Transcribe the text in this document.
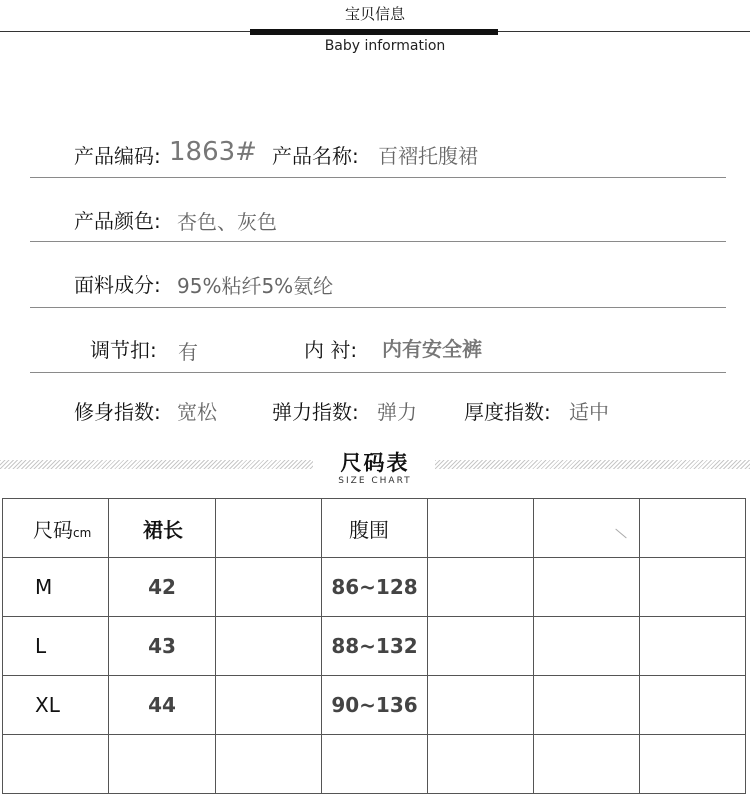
宝贝信息
Baby information
产品编码: 1863# 产品名称: 百褶托腹裙
产品颜色: 杏色、灰色
面料成分: 95%粘纤5%氨纶
调节扣: 有	内 衬: 内有安全裤
修身指数: 宽松	弹力指数: 弹力 厚度指数: 适中
尺码表
SIZE CHART
尺码cm	裙长		腹围			
M	42		86~128			
L	43		88~132			
XL	44		90~136			
